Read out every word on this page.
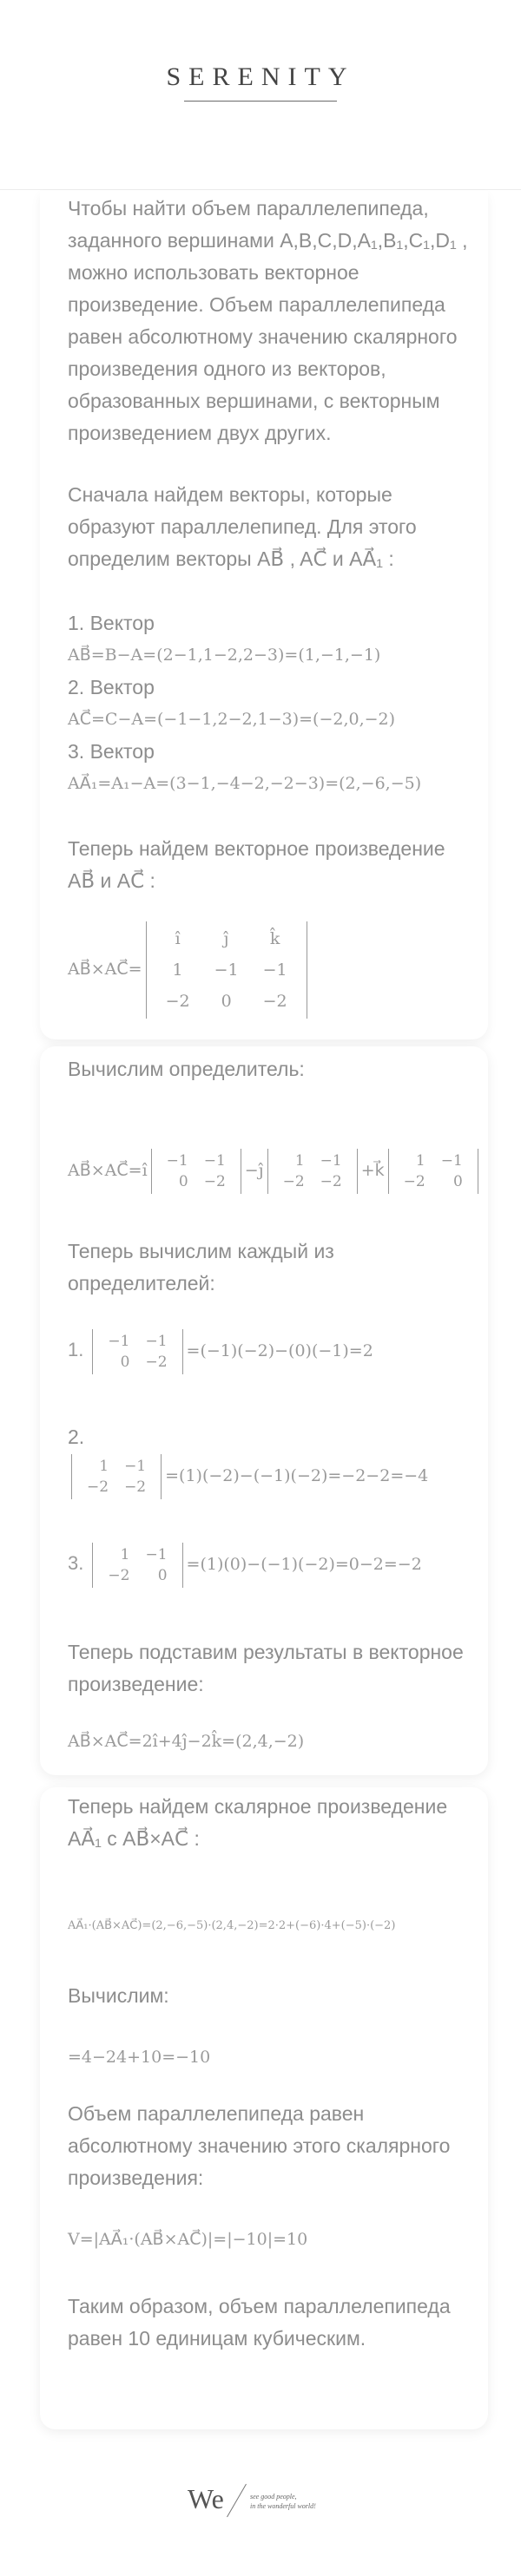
SERENITY
Чтобы найти объем параллелепипеда, заданного вершинами A,B,C,D,A₁,B₁,C₁,D₁ , можно использовать векторное произведение. Объем параллелепипеда равен абсолютному значению скалярного произведения одного из векторов, образованных вершинами, с векторным произведением двух других.
Сначала найдем векторы, которые образуют параллелепипед. Для этого определим векторы AB⃗ , AC⃗ и AA⃗₁ :
1. Вектор
AB⃗=B−A=(2−1,1−2,2−3)=(1,−1,−1)
2. Вектор
AC⃗=C−A=(−1−1,2−2,1−3)=(−2,0,−2)
3. Вектор
AA⃗₁=A₁−A=(3−1,−4−2,−2−3)=(2,−6,−5)
Теперь найдем векторное произведение AB⃗ и AC⃗ :
AB⃗×AC⃗=
î	ĵ	k̂
1	−1	−1
−2	0	−2
Вычислим определитель:
AB⃗×AC⃗=î −1	−1
0	−2
−ĵ 1	−1
−2	−2
+k⃗ 1	−1
−2	0
Теперь вычислим каждый из определителей:
1. −1	−1
0	−2
=(−1)(−2)−(0)(−1)=2
2.
1	−1
−2	−2
=(1)(−2)−(−1)(−2)=−2−2=−4
3. 1	−1
−2	0
=(1)(0)−(−1)(−2)=0−2=−2
Теперь подставим результаты в векторное произведение:
AB⃗×AC⃗=2î+4ĵ−2k̂=(2,4,−2)
Теперь найдем скалярное произведение AA⃗₁ с AB⃗×AC⃗ :
AA⃗₁·(AB⃗×AC⃗)=(2,−6,−5)·(2,4,−2)=2·2+(−6)·4+(−5)·(−2)
Вычислим:
=4−24+10=−10
Объем параллелепипеда равен абсолютному значению этого скалярного произведения:
V=|AA⃗₁·(AB⃗×AC⃗)|=|−10|=10
Таким образом, объем параллелепипеда равен 10 единицам кубическим.
We	see good people,
in the wonderful world!
